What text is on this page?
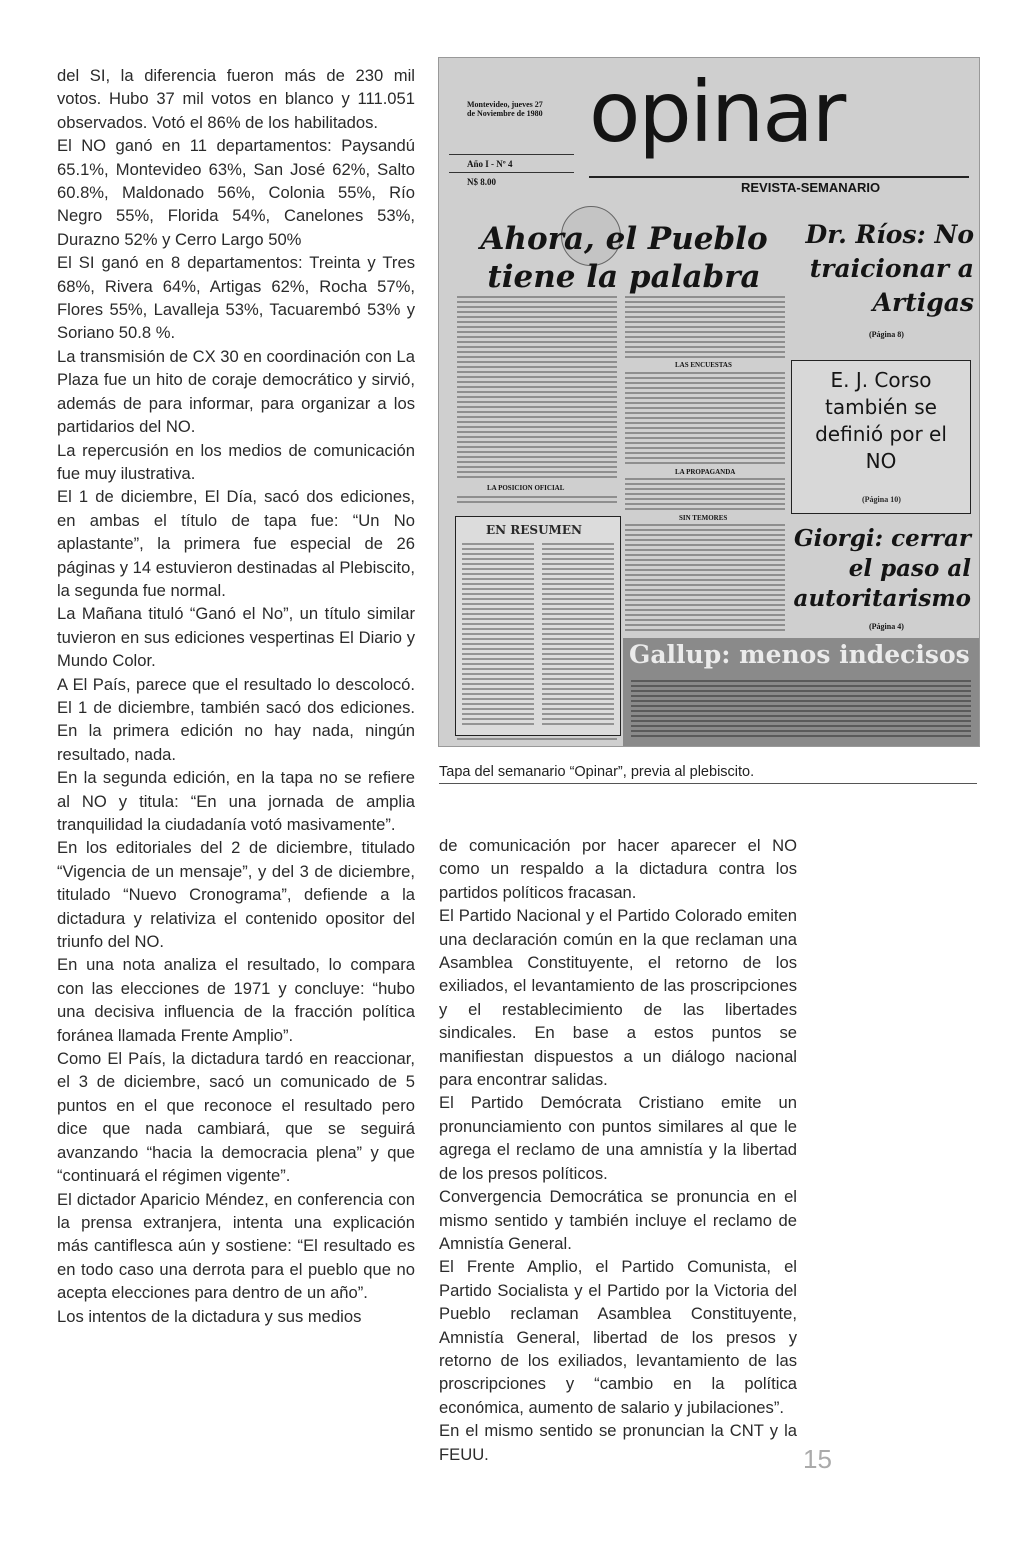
del SI, la diferencia fueron más de 230 mil votos. Hubo 37 mil votos en blanco y 111.051 observados. Votó el 86% de los habilitados.

El NO ganó en 11 departamentos: Paysandú 65.1%, Montevideo 63%, San José 62%, Salto 60.8%, Maldonado 56%, Colonia 55%, Río Negro 55%, Florida 54%, Canelones 53%, Durazno 52% y Cerro Largo 50%

El SI ganó en 8 departamentos: Treinta y Tres 68%, Rivera 64%, Artigas 62%, Rocha 57%, Flores 55%, Lavalleja 53%, Tacuarembó 53% y Soriano 50.8 %.

La transmisión de CX 30 en coordinación con La Plaza fue un hito de coraje democrático y sirvió, además de para informar, para organizar a los partidarios del NO.

La repercusión en los medios de comunicación fue muy ilustrativa.

El 1 de diciembre, El Día, sacó dos ediciones, en ambas el título de tapa fue: “Un No aplastante”, la primera fue especial de 26 páginas y 14 estuvieron destinadas al Plebiscito, la segunda fue normal.

La Mañana tituló “Ganó el No”, un título similar tuvieron en sus ediciones vespertinas El Diario y Mundo Color.

A El País, parece que el resultado lo descolocó. El 1 de diciembre, también sacó dos ediciones. En la primera edición no hay nada, ningún resultado, nada.

En la segunda edición, en la tapa no se refiere al NO y titula: “En una jornada de amplia tranquilidad la ciudadanía votó masivamente”.

En los editoriales del 2 de diciembre, titulado “Vigencia de un mensaje”, y del 3 de diciembre, titulado “Nuevo Cronograma”, defiende a la dictadura y relativiza el contenido opositor del triunfo del NO.

En una nota analiza el resultado, lo compara con las elecciones de 1971 y concluye: “hubo una decisiva influencia de la fracción política foránea llamada Frente Amplio”.

Como El País, la dictadura tardó en reaccionar, el 3 de diciembre, sacó un comunicado de 5 puntos en el que reconoce el resultado pero dice que nada cambiará, que se seguirá avanzando “hacia la democracia plena” y que “continuará el régimen vigente”.

El dictador Aparicio Méndez, en conferencia con la prensa extranjera, intenta una explicación más cantiflesca aún y sostiene: “El resultado es en todo caso una derrota para el pueblo que no acepta elecciones para dentro de un año”.

Los intentos de la dictadura y sus medios

Montevideo, jueves 27 de Noviembre de 1980
Año I - Nº 4
N$ 8.00
opinar
REVISTA-SEMANARIO
Ahora, el Pueblo tiene la palabra
Dr. Ríos: No traicionar a Artigas
(Página 8)
LA POSICION OFICIAL
LAS ENCUESTAS
LA PROPAGANDA
SIN TEMORES
E. J. Corso también se definió por el NO
(Página 10)
EN RESUMEN	Giorgi: cerrar el paso al autoritarismo
(Página 4)
Gallup: menos indecisos
Tapa del semanario “Opinar”, previa al plebiscito.

de comunicación por hacer aparecer el NO como un respaldo a la dictadura contra los partidos políticos fracasan.

El Partido Nacional y el Partido Colorado emiten una declaración común en la que reclaman una Asamblea Constituyente, el retorno de los exiliados, el levantamiento de las proscripciones y el restablecimiento de las libertades sindicales. En base a estos puntos se manifiestan dispuestos a un diálogo nacional para encontrar salidas.

El Partido Demócrata Cristiano emite un pronunciamiento con puntos similares al que le agrega el reclamo de una amnistía y la libertad de los presos políticos.

Convergencia Democrática se pronuncia en el mismo sentido y también incluye el reclamo de Amnistía General.

El Frente Amplio, el Partido Comunista, el Partido Socialista y el Partido por la Victoria del Pueblo reclaman Asamblea Constituyente, Amnistía General, libertad de los presos y retorno de los exiliados, levantamiento de las proscripciones y “cambio en la política económica, aumento de salario y jubilaciones”.

En el mismo sentido se pronuncian la CNT y la FEUU.	15
